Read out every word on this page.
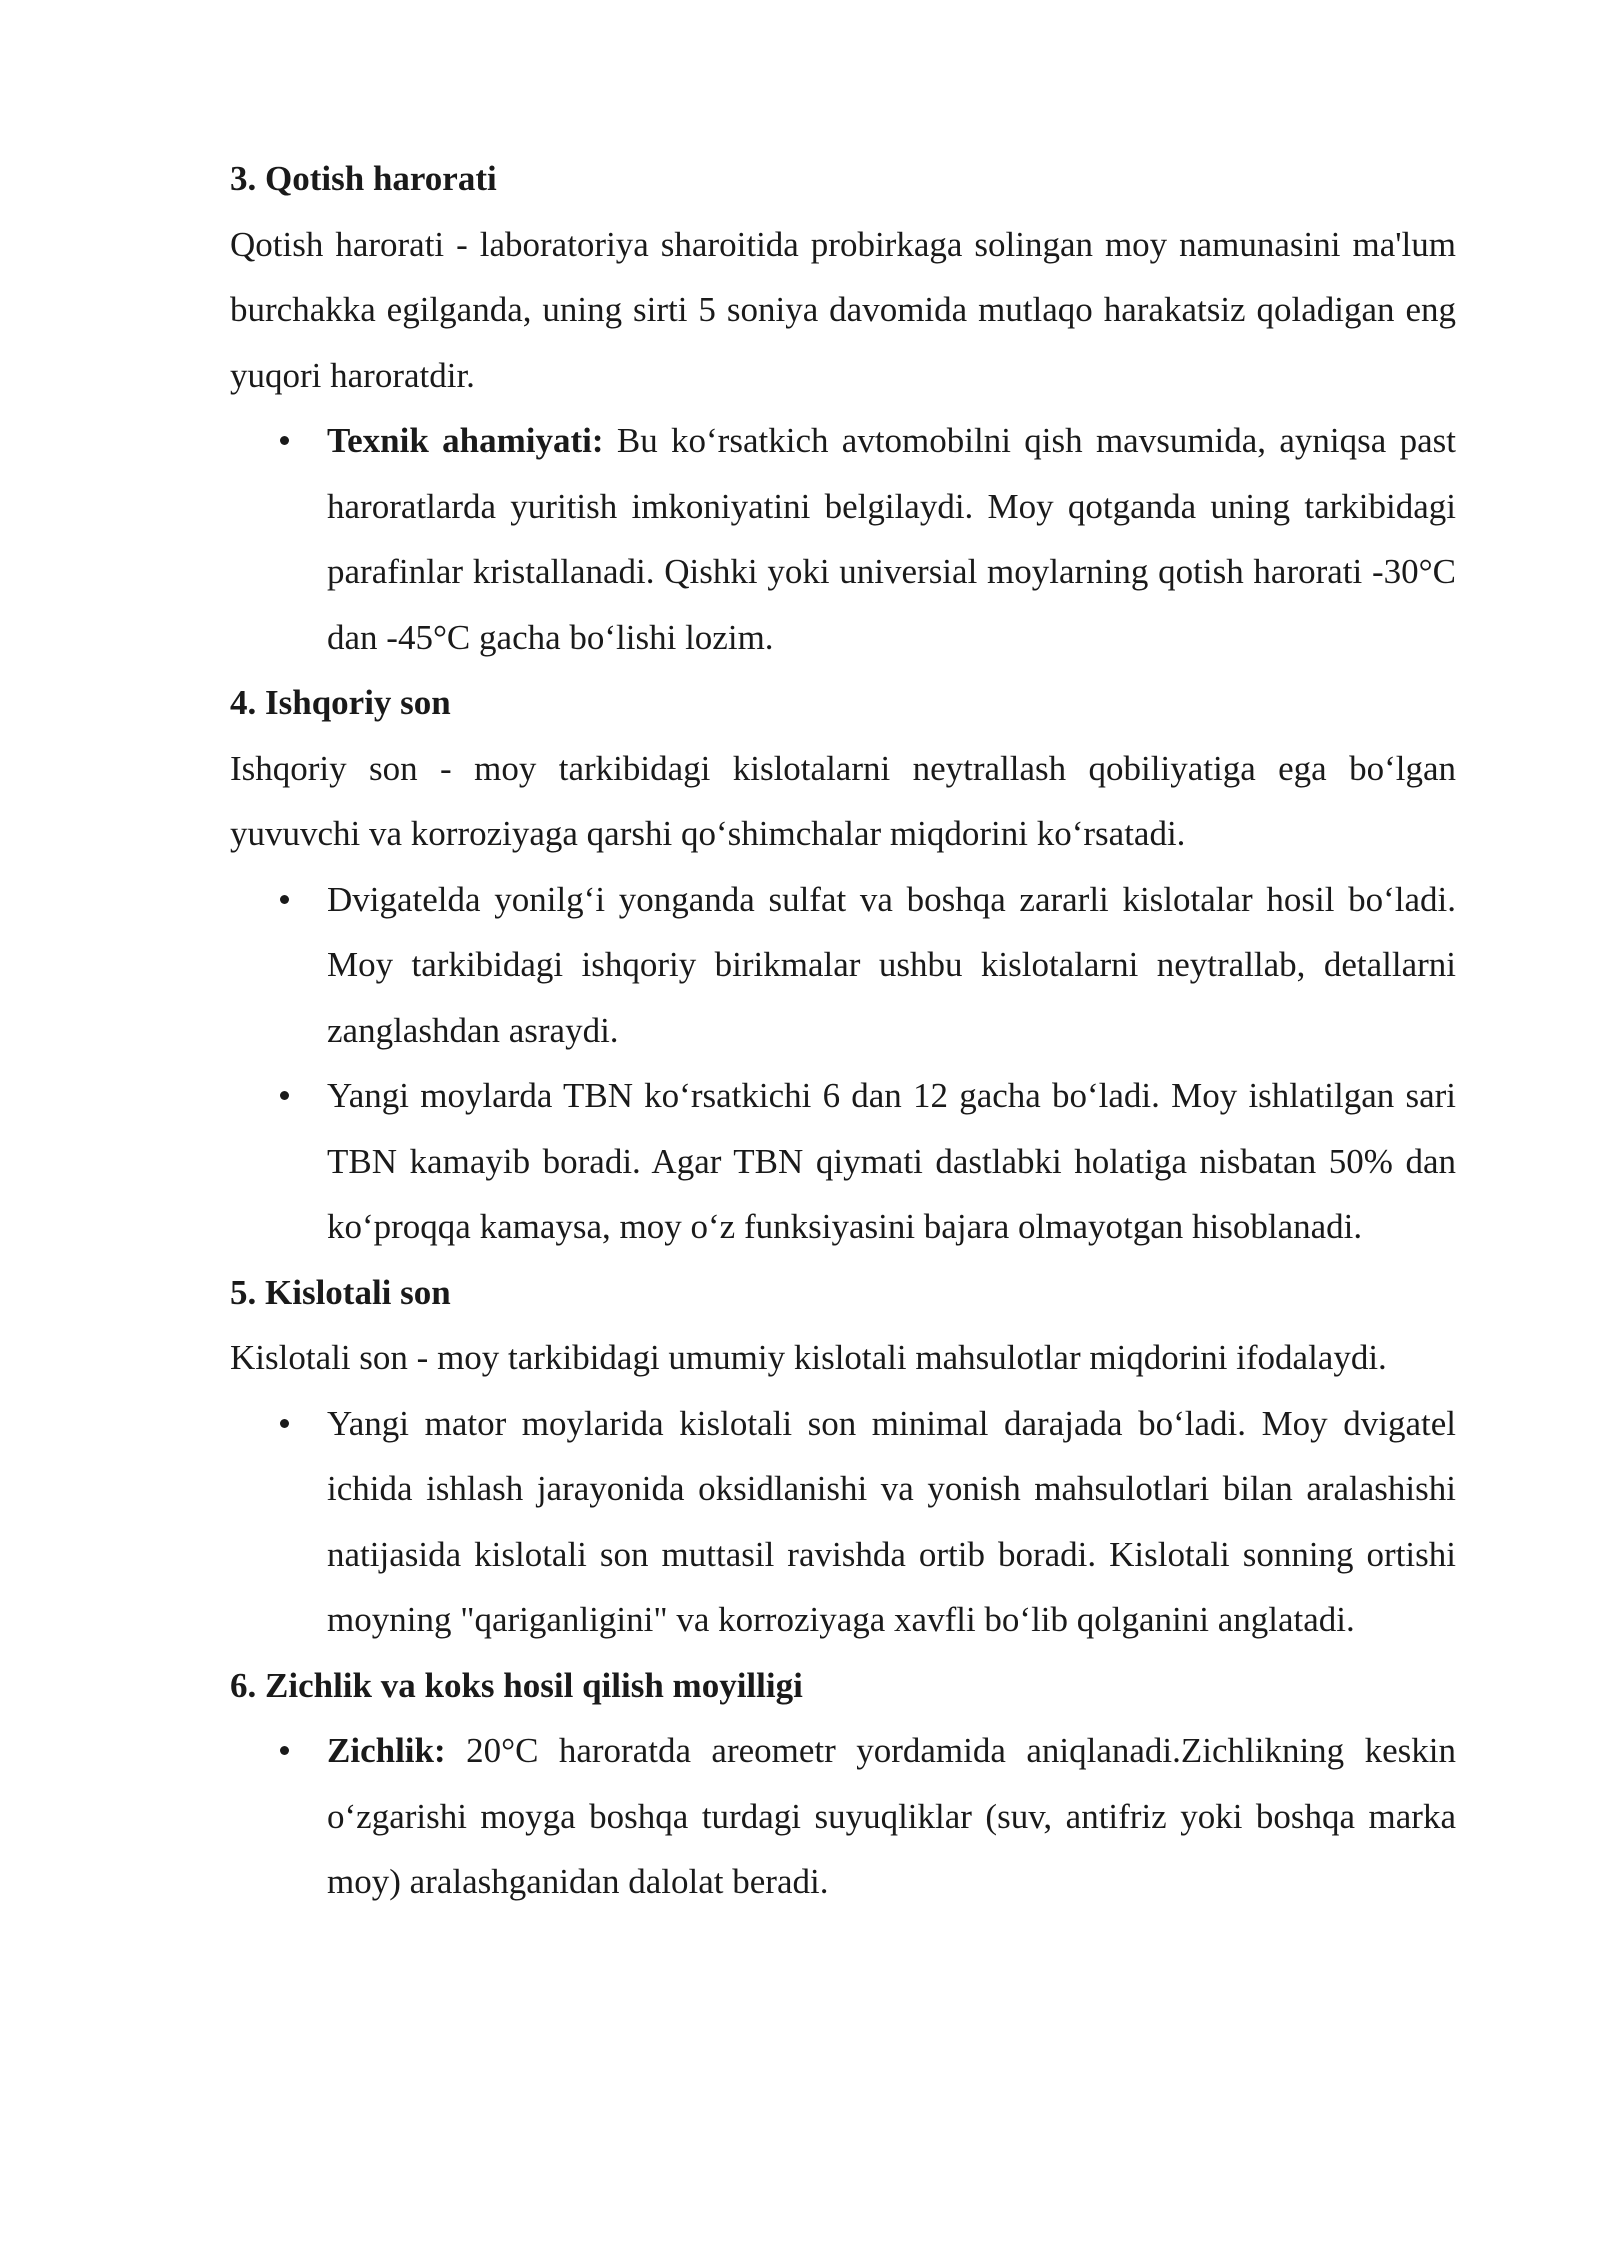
3. Qotish harorati

Qotish harorati - laboratoriya sharoitida probirkaga solingan moy namunasini ma'lum burchakka egilganda, uning sirti 5 soniya davomida mutlaqo harakatsiz qoladigan eng yuqori haroratdir.

Texnik ahamiyati: Bu ko‘rsatkich avtomobilni qish mavsumida, ayniqsa past haroratlarda yuritish imkoniyatini belgilaydi. Moy qotganda uning tarkibidagi parafinlar kristallanadi. Qishki yoki universial moylarning qotish harorati -30°C dan -45°C gacha bo‘lishi lozim.

4. Ishqoriy son

Ishqoriy son - moy tarkibidagi kislotalarni neytrallash qobiliyatiga ega bo‘lgan yuvuvchi va korroziyaga qarshi qo‘shimchalar miqdorini ko‘rsatadi.

Dvigatelda yonilg‘i yonganda sulfat va boshqa zararli kislotalar hosil bo‘ladi. Moy tarkibidagi ishqoriy birikmalar ushbu kislotalarni neytrallab, detallarni zanglashdan asraydi.
Yangi moylarda TBN ko‘rsatkichi 6 dan 12 gacha bo‘ladi. Moy ishlatilgan sari TBN kamayib boradi. Agar TBN qiymati dastlabki holatiga nisbatan 50% dan ko‘proqqa kamaysa, moy o‘z funksiyasini bajara olmayotgan hisoblanadi.

5. Kislotali son

Kislotali son - moy tarkibidagi umumiy kislotali mahsulotlar miqdorini ifodalaydi.

Yangi mator moylarida kislotali son minimal darajada bo‘ladi. Moy dvigatel ichida ishlash jarayonida oksidlanishi va yonish mahsulotlari bilan aralashishi natijasida kislotali son muttasil ravishda ortib boradi. Kislotali sonning ortishi moyning "qariganligini" va korroziyaga xavfli bo‘lib qolganini anglatadi.

6. Zichlik va koks hosil qilish moyilligi

Zichlik: 20°C haroratda areometr yordamida aniqlanadi.Zichlikning keskin o‘zgarishi moyga boshqa turdagi suyuqliklar (suv, antifriz yoki boshqa marka moy) aralashganidan dalolat beradi.
